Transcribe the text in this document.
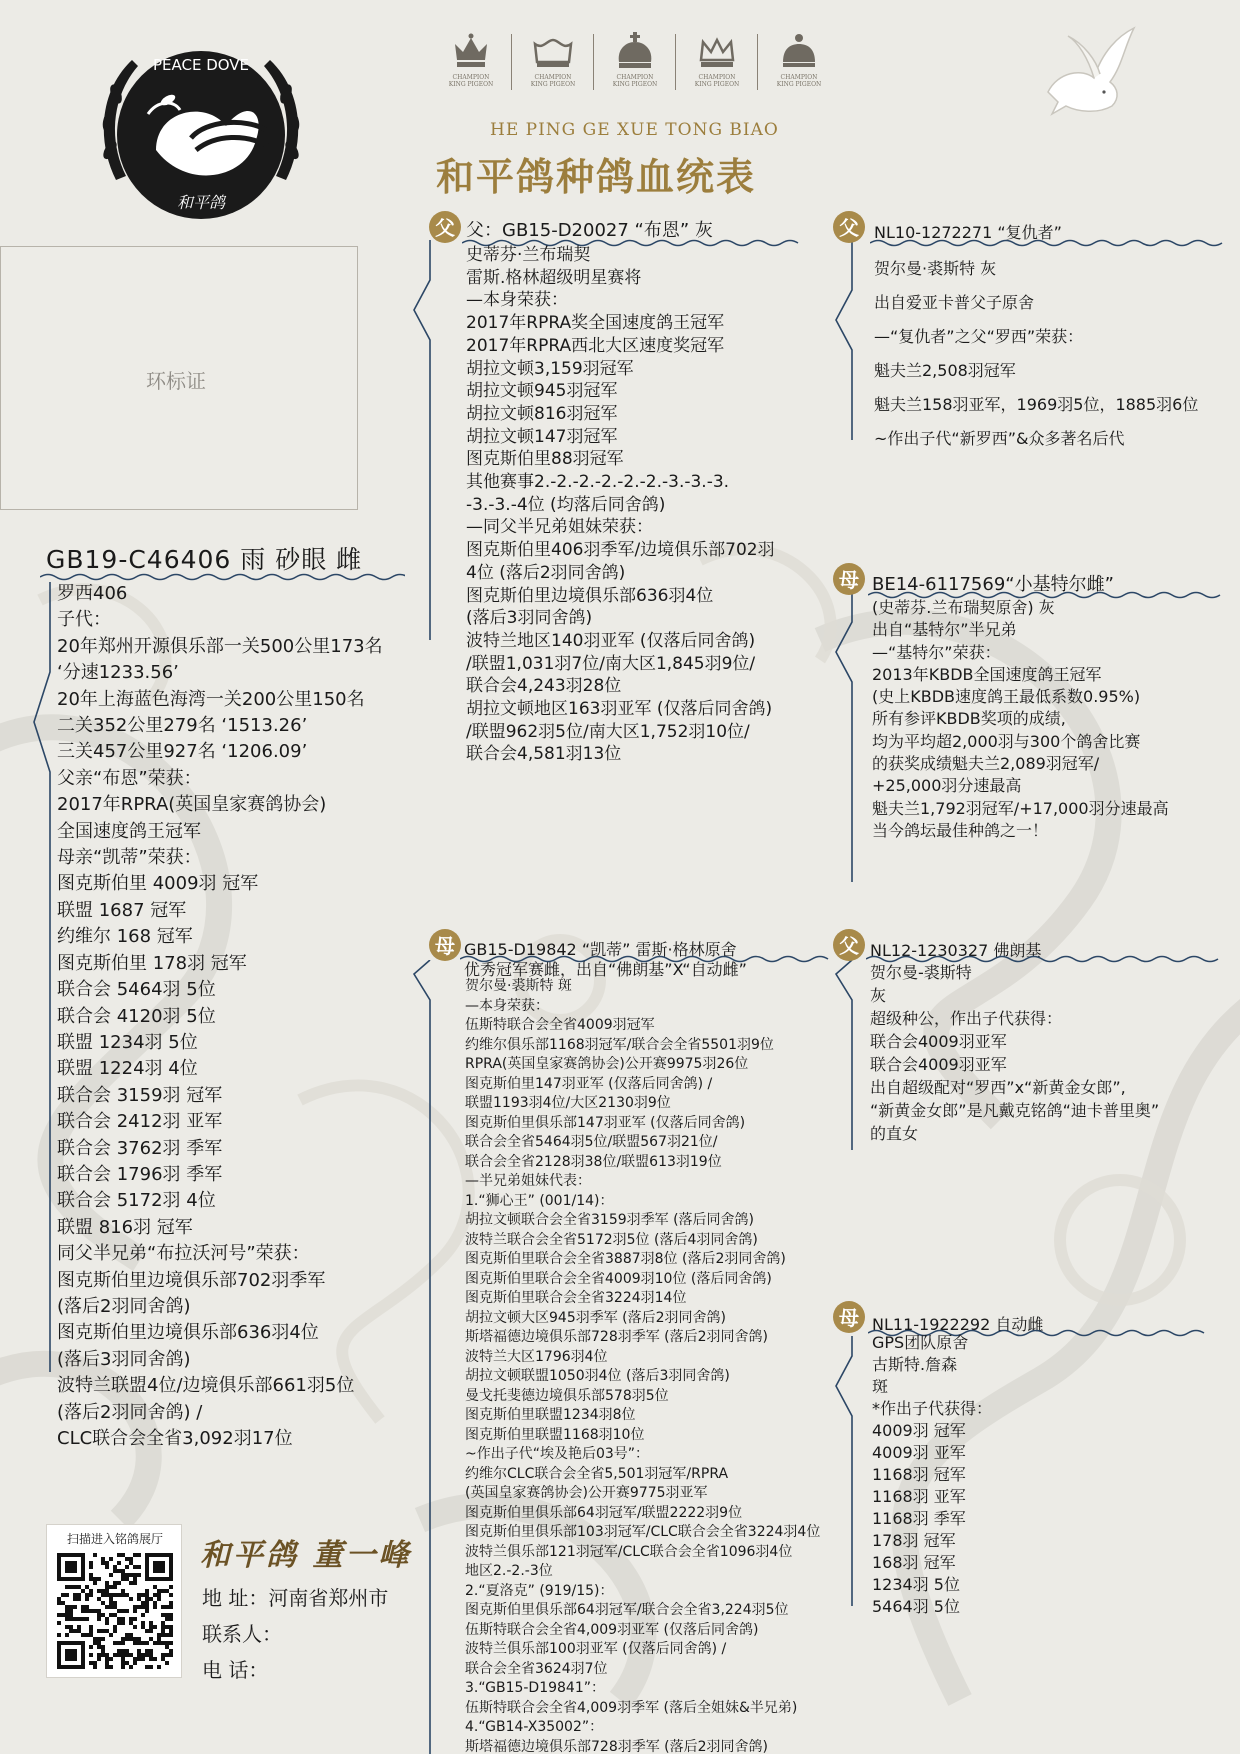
PEACE DOVE
和平鸽
CHAMPION
KING PIGEON
CHAMPION
KING PIGEON
CHAMPION
KING PIGEON
CHAMPION
KING PIGEON
CHAMPION
KING PIGEON
HE PING GE XUE TONG BIAO
和平鸽种鸽血统表
环标证
GB19-C46406 雨 砂眼 雌
罗西406
子代：
20年郑州开源俱乐部一关500公里173名
‘分速1233.56’
20年上海蓝色海湾一关200公里150名
二关352公里279名 ‘1513.26’
三关457公里927名 ‘1206.09’
父亲“布恩”荣获：
2017年RPRA(英国皇家赛鸽协会)
全国速度鸽王冠军
母亲“凯蒂”荣获：
图克斯伯里 4009羽 冠军
联盟 1687 冠军
约维尔 168 冠军
图克斯伯里 178羽 冠军
联合会 5464羽 5位
联合会 4120羽 5位
联盟 1234羽 5位
联盟 1224羽 4位
联合会 3159羽 冠军
联合会 2412羽 亚军
联合会 3762羽 季军
联合会 1796羽 季军
联合会 5172羽 4位
联盟 816羽 冠军
同父半兄弟“布拉沃河号”荣获：
图克斯伯里边境俱乐部702羽季军
(落后2羽同舍鸽)
图克斯伯里边境俱乐部636羽4位
(落后3羽同舍鸽)
波特兰联盟4位/边境俱乐部661羽5位
(落后2羽同舍鸽) /
CLC联合会全省3,092羽17位
父 父：GB15-D20027 “布恩” 灰
史蒂芬·兰布瑞契
雷斯.格林超级明星赛将
—本身荣获：
2017年RPRA奖全国速度鸽王冠军
2017年RPRA西北大区速度奖冠军
胡拉文顿3,159羽冠军
胡拉文顿945羽冠军
胡拉文顿816羽冠军
胡拉文顿147羽冠军
图克斯伯里88羽冠军
其他赛事2.-2.-2.-2.-2.-2.-3.-3.-3.
-3.-3.-4位 (均落后同舍鸽)
—同父半兄弟姐妹荣获：
图克斯伯里406羽季军/边境俱乐部702羽
4位 (落后2羽同舍鸽)
图克斯伯里边境俱乐部636羽4位
(落后3羽同舍鸽)
波特兰地区140羽亚军 (仅落后同舍鸽)
/联盟1,031羽7位/南大区1,845羽9位/
联合会4,243羽28位
胡拉文顿地区163羽亚军 (仅落后同舍鸽)
/联盟962羽5位/南大区1,752羽10位/
联合会4,581羽13位
父 NL10-1272271 “复仇者”
贺尔曼·裘斯特 灰
出自爱亚卡普父子原舍
—“复仇者”之父“罗西”荣获：
魁夫兰2,508羽冠军
魁夫兰158羽亚军，1969羽5位，1885羽6位
~作出子代“新罗西”&众多著名后代
母 BE14-6117569“小基特尔雌”
(史蒂芬.兰布瑞契原舍) 灰
出自“基特尔”半兄弟
—“基特尔”荣获：
2013年KBDB全国速度鸽王冠军
(史上KBDB速度鸽王最低系数0.95%)
所有参评KBDB奖项的成绩,
均为平均超2,000羽与300个鸽舍比赛
的获奖成绩魁夫兰2,089羽冠军/
+25,000羽分速最高
魁夫兰1,792羽冠军/+17,000羽分速最高
当今鸽坛最佳种鸽之一！
母 GB15-D19842 “凯蒂” 雷斯·格林原舍
优秀冠军赛雌，出自“佛朗基”X“自动雌”
贺尔曼·裘斯特 斑
—本身荣获：
伍斯特联合会全省4009羽冠军
约维尔俱乐部1168羽冠军/联合会全省5501羽9位
RPRA(英国皇家赛鸽协会)公开赛9975羽26位
图克斯伯里147羽亚军 (仅落后同舍鸽) /
联盟1193羽4位/大区2130羽9位
图克斯伯里俱乐部147羽亚军 (仅落后同舍鸽)
联合会全省5464羽5位/联盟567羽21位/
联合会全省2128羽38位/联盟613羽19位
—半兄弟姐妹代表：
1.“狮心王” (001/14)：
胡拉文顿联合会全省3159羽季军 (落后同舍鸽)
波特兰联合会全省5172羽5位 (落后4羽同舍鸽)
图克斯伯里联合会全省3887羽8位 (落后2羽同舍鸽)
图克斯伯里联合会全省4009羽10位 (落后同舍鸽)
图克斯伯里联合会全省3224羽14位
胡拉文顿大区945羽季军 (落后2羽同舍鸽)
斯塔福德边境俱乐部728羽季军 (落后2羽同舍鸽)
波特兰大区1796羽4位
胡拉文顿联盟1050羽4位 (落后3羽同舍鸽)
曼戈托斐德边境俱乐部578羽5位
图克斯伯里联盟1234羽8位
图克斯伯里联盟1168羽10位
~作出子代“埃及艳后03号”：
约维尔CLC联合会全省5,501羽冠军/RPRA
(英国皇家赛鸽协会)公开赛9775羽亚军
图克斯伯里俱乐部64羽冠军/联盟2222羽9位
图克斯伯里俱乐部103羽冠军/CLC联合会全省3224羽4位
波特兰俱乐部121羽冠军/CLC联合会全省1096羽4位
地区2.-2.-3位
2.“夏洛克” (919/15)：
图克斯伯里俱乐部64羽冠军/联合会全省3,224羽5位
伍斯特联合会全省4,009羽亚军 (仅落后同舍鸽)
波特兰俱乐部100羽亚军 (仅落后同舍鸽) /
联合会全省3624羽7位
3.“GB15-D19841”：
伍斯特联合会全省4,009羽季军 (落后全姐妹&半兄弟)
4.“GB14-X35002”：
斯塔福德边境俱乐部728羽季军 (落后2羽同舍鸽)
父 NL12-1230327 佛朗基
贺尔曼-裘斯特
灰
超级种公，作出子代获得：
联合会4009羽亚军
联合会4009羽亚军
出自超级配对“罗西”x“新黄金女郎”,
“新黄金女郎”是凡戴克铭鸽“迪卡普里奥”
的直女
母 NL11-1922292 自动雌
GPS团队原舍
古斯特.詹森
斑
*作出子代获得：
4009羽 冠军
4009羽 亚军
1168羽 冠军
1168羽 亚军
1168羽 季军
178羽 冠军
168羽 冠军
1234羽 5位
5464羽 5位
扫描进入铭鸽展厅	和平鸽 董一峰
地 址：河南省郑州市
联系人：
电 话：
